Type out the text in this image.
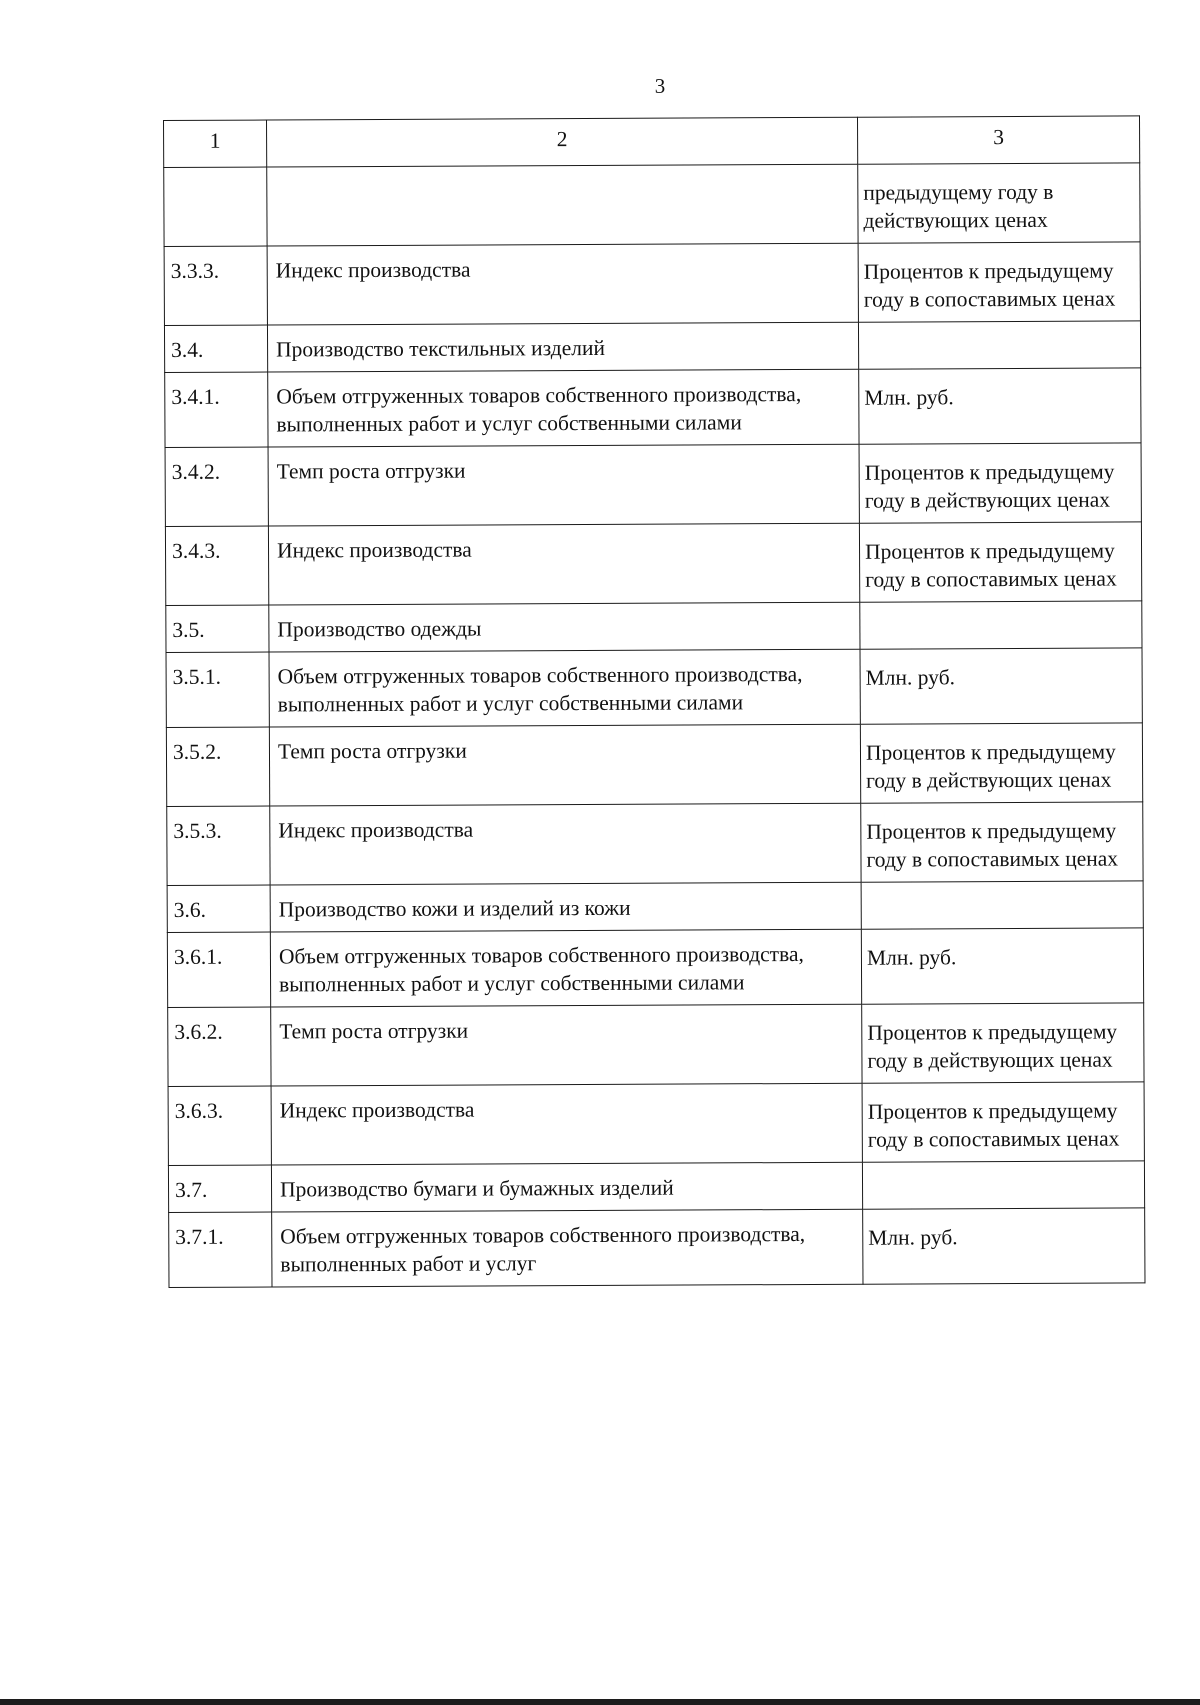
3
1	2	3
		предыдущему году в действующих ценах
3.3.3.	Индекс производства	Процентов к предыдущему году в сопоставимых ценах
3.4.	Производство текстильных изделий	
3.4.1.	Объем отгруженных товаров собственного производства, выполненных работ и услуг собственными силами	Млн. руб.
3.4.2.	Темп роста отгрузки	Процентов к предыдущему году в действующих ценах
3.4.3.	Индекс производства	Процентов к предыдущему году в сопоставимых ценах
3.5.	Производство одежды	
3.5.1.	Объем отгруженных товаров собственного производства, выполненных работ и услуг собственными силами	Млн. руб.
3.5.2.	Темп роста отгрузки	Процентов к предыдущему году в действующих ценах
3.5.3.	Индекс производства	Процентов к предыдущему году в сопоставимых ценах
3.6.	Производство кожи и изделий из кожи	
3.6.1.	Объем отгруженных товаров собственного производства, выполненных работ и услуг собственными силами	Млн. руб.
3.6.2.	Темп роста отгрузки	Процентов к предыдущему году в действующих ценах
3.6.3.	Индекс производства	Процентов к предыдущему году в сопоставимых ценах
3.7.	Производство бумаги и бумажных изделий	
3.7.1.	Объем отгруженных товаров собственного производства, выполненных работ и услуг	Млн. руб.
